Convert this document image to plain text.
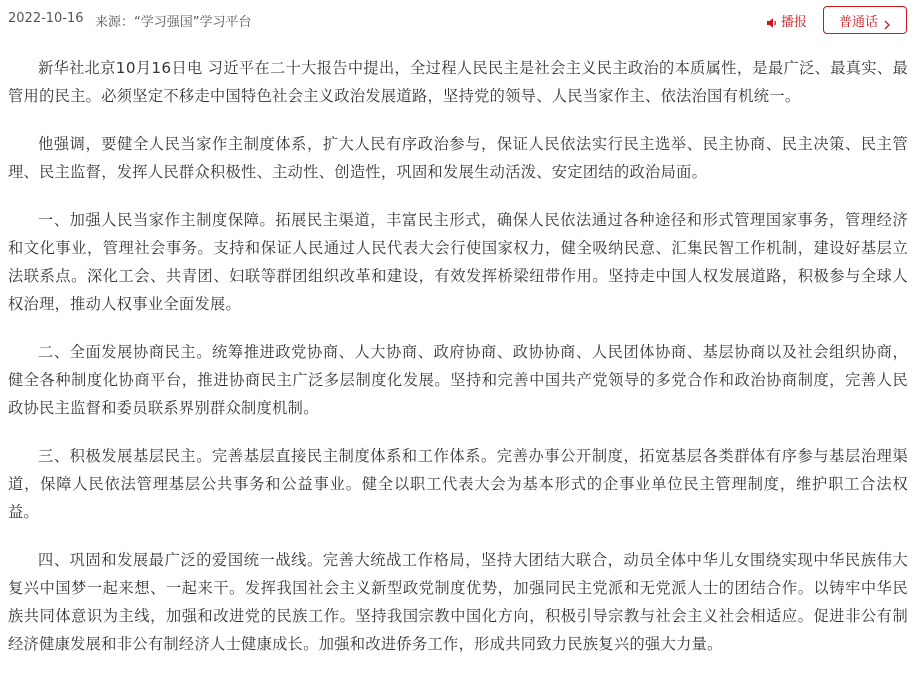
2022-10-16 来源：“学习强国”学习平台	播报 普通话

新华社北京10月16日电 习近平在二十大报告中提出，全过程人民民主是社会主义民主政治的本质属性，是最广泛、最真实、最管用的民主。必须坚定不移走中国特色社会主义政治发展道路，坚持党的领导、人民当家作主、依法治国有机统一。

他强调，要健全人民当家作主制度体系，扩大人民有序政治参与，保证人民依法实行民主选举、民主协商、民主决策、民主管理、民主监督，发挥人民群众积极性、主动性、创造性，巩固和发展生动活泼、安定团结的政治局面。

一、加强人民当家作主制度保障。拓展民主渠道，丰富民主形式，确保人民依法通过各种途径和形式管理国家事务，管理经济和文化事业，管理社会事务。支持和保证人民通过人民代表大会行使国家权力，健全吸纳民意、汇集民智工作机制，建设好基层立法联系点。深化工会、共青团、妇联等群团组织改革和建设，有效发挥桥梁纽带作用。坚持走中国人权发展道路，积极参与全球人权治理，推动人权事业全面发展。

二、全面发展协商民主。统筹推进政党协商、人大协商、政府协商、政协协商、人民团体协商、基层协商以及社会组织协商，健全各种制度化协商平台，推进协商民主广泛多层制度化发展。坚持和完善中国共产党领导的多党合作和政治协商制度，完善人民政协民主监督和委员联系界别群众制度机制。

三、积极发展基层民主。完善基层直接民主制度体系和工作体系。完善办事公开制度，拓宽基层各类群体有序参与基层治理渠道，保障人民依法管理基层公共事务和公益事业。健全以职工代表大会为基本形式的企事业单位民主管理制度，维护职工合法权益。

四、巩固和发展最广泛的爱国统一战线。完善大统战工作格局，坚持大团结大联合，动员全体中华儿女围绕实现中华民族伟大复兴中国梦一起来想、一起来干。发挥我国社会主义新型政党制度优势，加强同民主党派和无党派人士的团结合作。以铸牢中华民族共同体意识为主线，加强和改进党的民族工作。坚持我国宗教中国化方向，积极引导宗教与社会主义社会相适应。促进非公有制经济健康发展和非公有制经济人士健康成长。加强和改进侨务工作，形成共同致力民族复兴的强大力量。
